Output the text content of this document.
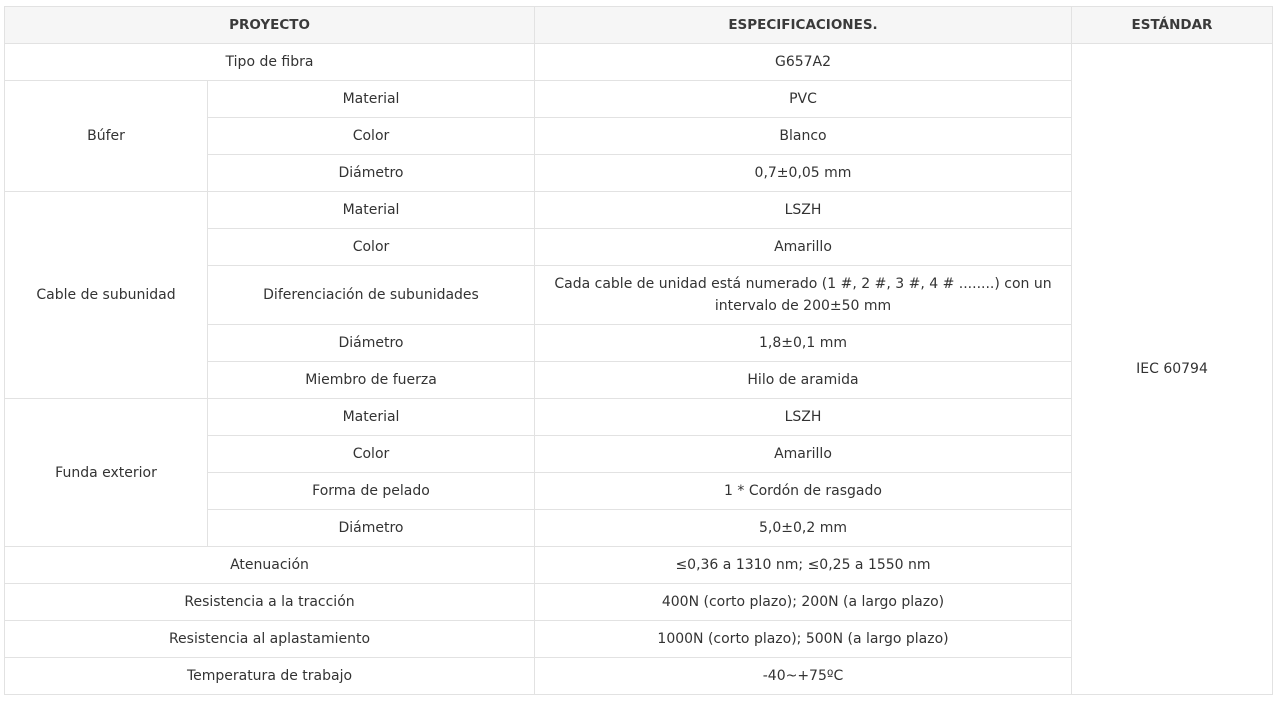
PROYECTO		ESPECIFICACIONES.	ESTÁNDAR
Tipo de fibra		G657A2	IEC 60794
Búfer	Material	PVC	
	Color	Blanco	
	Diámetro	0,7±0,05 mm	
Cable de subunidad	Material	LSZH	
	Color	Amarillo	
	Diferenciación de subunidades	Cada cable de unidad está numerado (1 #, 2 #, 3 #, 4 # ........) con un intervalo de 200±50 mm	
	Diámetro	1,8±0,1 mm	
	Miembro de fuerza	Hilo de aramida	
Funda exterior	Material	LSZH	
	Color	Amarillo	
	Forma de pelado	1 * Cordón de rasgado	
	Diámetro	5,0±0,2 mm	
Atenuación		≤0,36 a 1310 nm; ≤0,25 a 1550 nm	
Resistencia a la tracción		400N (corto plazo); 200N (a largo plazo)	
Resistencia al aplastamiento		1000N (corto plazo); 500N (a largo plazo)	
Temperatura de trabajo		-40~+75ºC	
